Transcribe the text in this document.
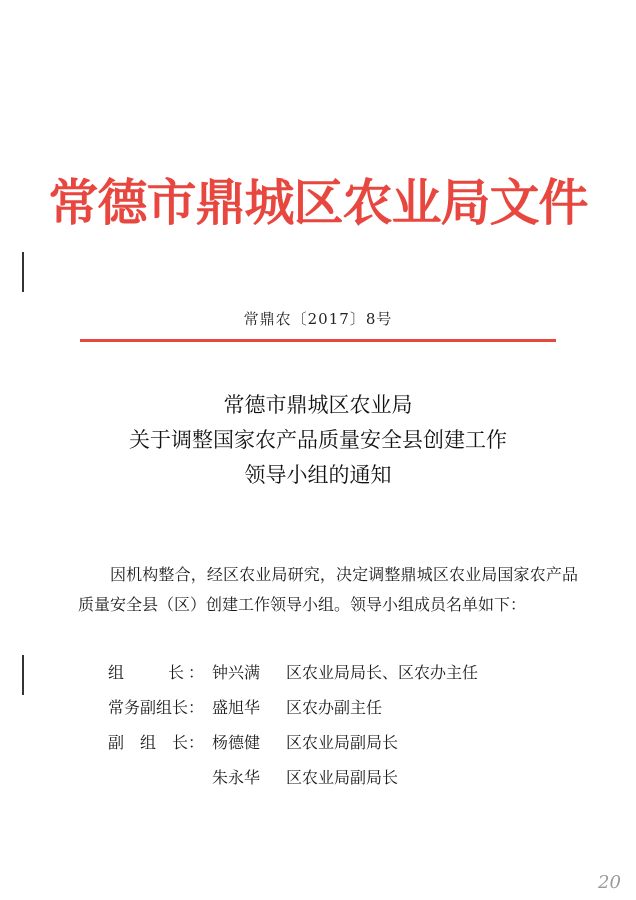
常德市鼎城区农业局文件
常鼎农〔2017〕8号
常德市鼎城区农业局
关于调整国家农产品质量安全县创建工作
领导小组的通知
因机构整合，经区农业局研究，决定调整鼎城区农业局国家农产品质量安全县（区）创建工作领导小组。领导小组成员名单如下：
组　　长： 钟兴满 区农业局局长、区农办主任
常务副组长： 盛旭华 区农办副主任
副　组　长： 杨德健 区农业局副局长
朱永华 区农业局副局长
20
